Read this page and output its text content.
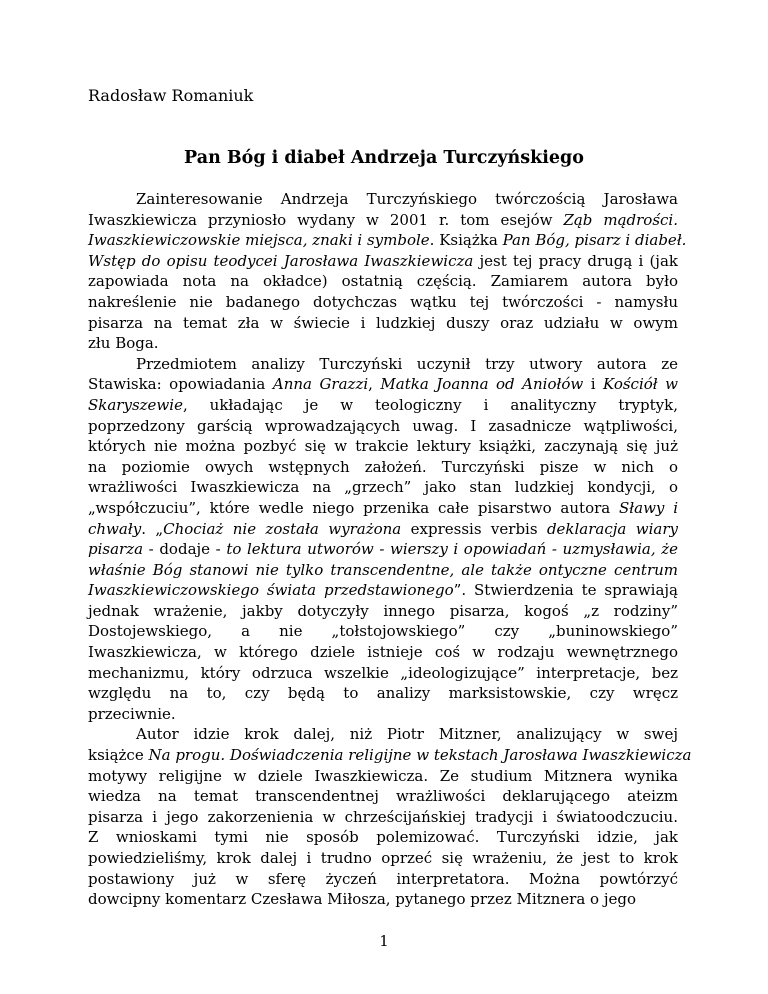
Radosław Romaniuk
Pan Bóg i diabeł Andrzeja Turczyńskiego
Zainteresowanie Andrzeja Turczyńskiego twórczością Jarosława
Iwaszkiewicza przyniosło wydany w 2001 r. tom esejów Ząb mądrości.
Iwaszkiewiczowskie miejsca, znaki i symbole. Książka Pan Bóg, pisarz i diabeł.
Wstęp do opisu teodycei Jarosława Iwaszkiewicza jest tej pracy drugą i (jak
zapowiada nota na okładce) ostatnią częścią. Zamiarem autora było
nakreślenie nie badanego dotychczas wątku tej twórczości - namysłu
pisarza na temat zła w świecie i ludzkiej duszy oraz udziału w owym
złu Boga.
Przedmiotem analizy Turczyński uczynił trzy utwory autora ze
Stawiska: opowiadania Anna Grazzi, Matka Joanna od Aniołów i Kościół w
Skaryszewie, układając je w teologiczny i analityczny tryptyk,
poprzedzony garścią wprowadzających uwag. I zasadnicze wątpliwości,
których nie można pozbyć się w trakcie lektury książki, zaczynają się już
na poziomie owych wstępnych założeń. Turczyński pisze w nich o
wrażliwości Iwaszkiewicza na „grzech” jako stan ludzkiej kondycji, o
„współczuciu”, które wedle niego przenika całe pisarstwo autora Sławy i
chwały. „Chociaż nie została wyrażona expressis verbis deklaracja wiary
pisarza - dodaje - to lektura utworów - wierszy i opowiadań - uzmysławia, że
właśnie Bóg stanowi nie tylko transcendentne, ale także ontyczne centrum
Iwaszkiewiczowskiego świata przedstawionego”. Stwierdzenia te sprawiają
jednak wrażenie, jakby dotyczyły innego pisarza, kogoś „z rodziny”
Dostojewskiego, a nie „tołstojowskiego” czy „buninowskiego”
Iwaszkiewicza, w którego dziele istnieje coś w rodzaju wewnętrznego
mechanizmu, który odrzuca wszelkie „ideologizujące” interpretacje, bez
względu na to, czy będą to analizy marksistowskie, czy wręcz
przeciwnie.
Autor idzie krok dalej, niż Piotr Mitzner, analizujący w swej
książce Na progu. Doświadczenia religijne w tekstach Jarosława Iwaszkiewicza
motywy religijne w dziele Iwaszkiewicza. Ze studium Mitznera wynika
wiedza na temat transcendentnej wrażliwości deklarującego ateizm
pisarza i jego zakorzenienia w chrześcijańskiej tradycji i światoodczuciu.
Z wnioskami tymi nie sposób polemizować. Turczyński idzie, jak
powiedzieliśmy, krok dalej i trudno oprzeć się wrażeniu, że jest to krok
postawiony już w sferę życzeń interpretatora. Można powtórzyć
dowcipny komentarz Czesława Miłosza, pytanego przez Mitznera o jego
1
